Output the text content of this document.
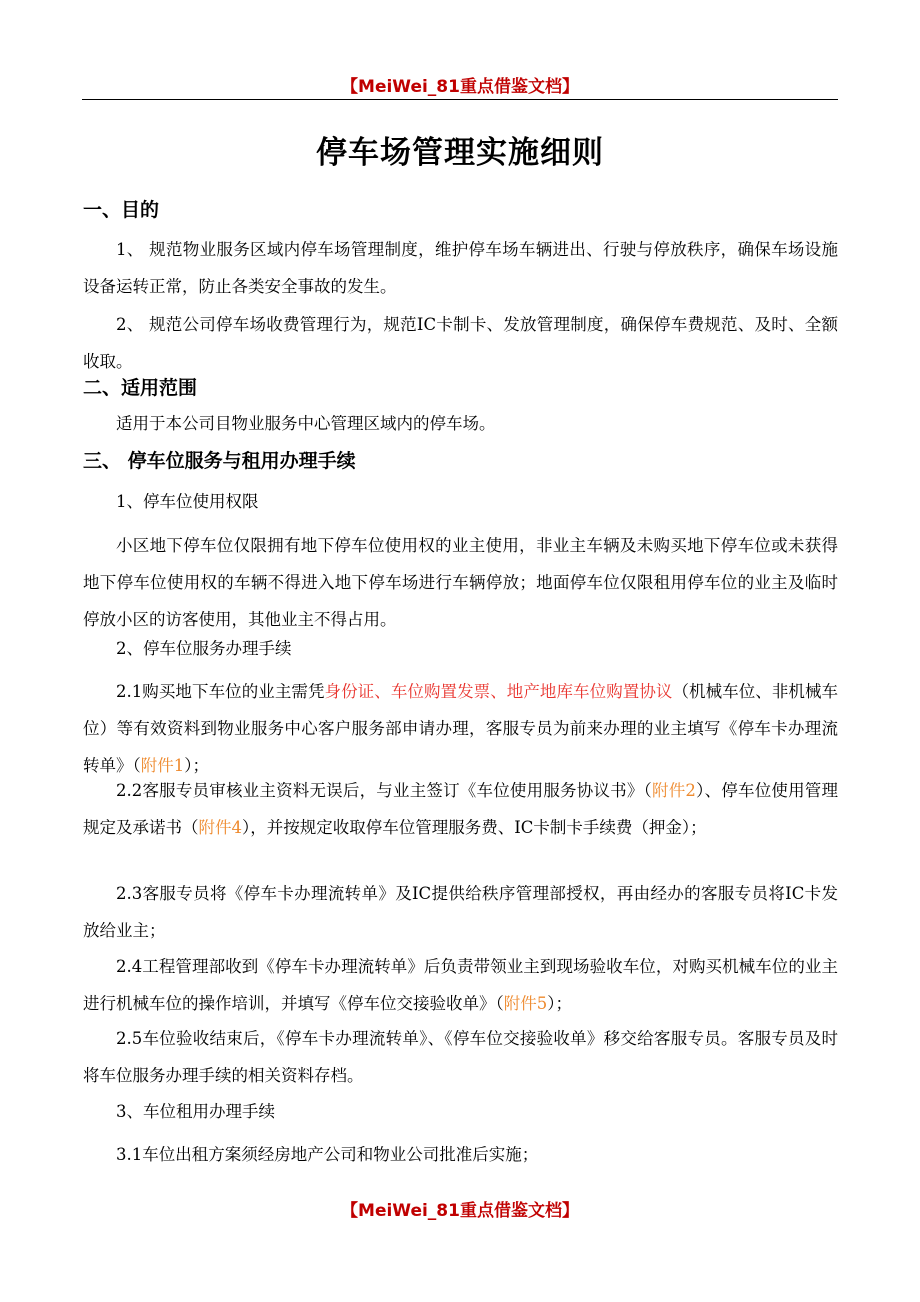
【MeiWei_81重点借鉴文档】
停车场管理实施细则
一、目的
1、 规范物业服务区域内停车场管理制度，维护停车场车辆进出、行驶与停放秩序，确保车场设施设备运转正常，防止各类安全事故的发生。
2、 规范公司停车场收费管理行为，规范IC卡制卡、发放管理制度，确保停车费规范、及时、全额收取。
二、适用范围
适用于本公司目物业服务中心管理区域内的停车场。
三、 停车位服务与租用办理手续
1、停车位使用权限
小区地下停车位仅限拥有地下停车位使用权的业主使用，非业主车辆及未购买地下停车位或未获得地下停车位使用权的车辆不得进入地下停车场进行车辆停放；地面停车位仅限租用停车位的业主及临时停放小区的访客使用，其他业主不得占用。
2、停车位服务办理手续
2.1购买地下车位的业主需凭身份证、车位购置发票、地产地库车位购置协议（机械车位、非机械车位）等有效资料到物业服务中心客户服务部申请办理，客服专员为前来办理的业主填写《停车卡办理流转单》（附件1）；
2.2客服专员审核业主资料无误后，与业主签订《车位使用服务协议书》（附件2）、停车位使用管理规定及承诺书（附件4），并按规定收取停车位管理服务费、IC卡制卡手续费（押金）；
2.3客服专员将《停车卡办理流转单》及IC提供给秩序管理部授权，再由经办的客服专员将IC卡发放给业主；
2.4工程管理部收到《停车卡办理流转单》后负责带领业主到现场验收车位，对购买机械车位的业主进行机械车位的操作培训，并填写《停车位交接验收单》（附件5）；
2.5车位验收结束后，《停车卡办理流转单》、《停车位交接验收单》移交给客服专员。客服专员及时将车位服务办理手续的相关资料存档。
3、车位租用办理手续
3.1车位出租方案须经房地产公司和物业公司批准后实施；
【MeiWei_81重点借鉴文档】
